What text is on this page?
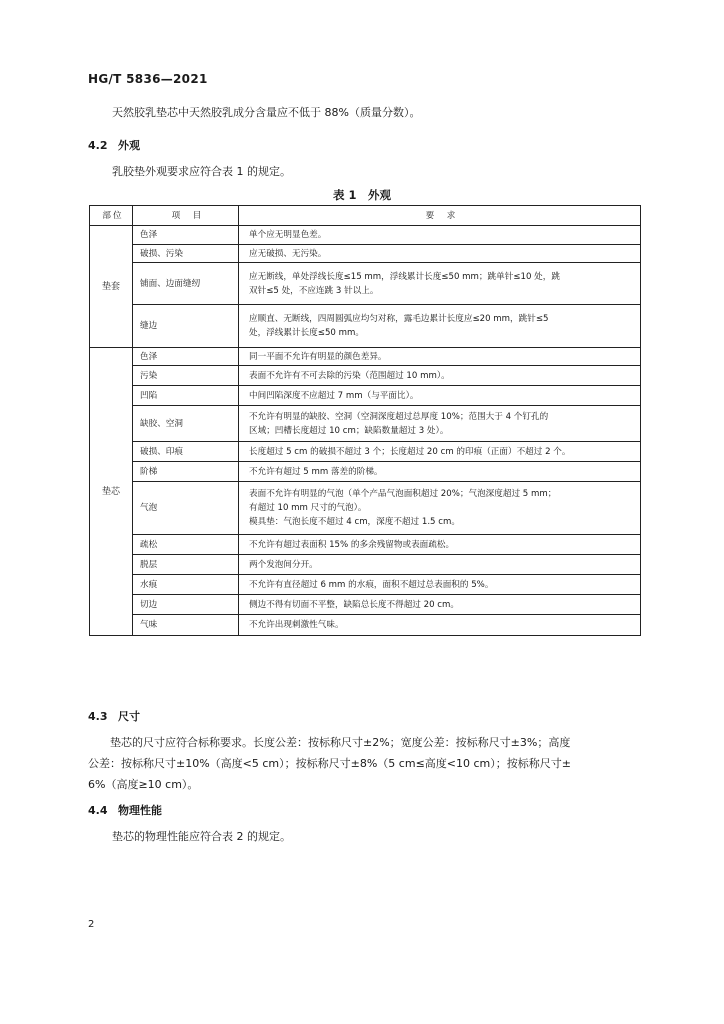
HG/T 5836—2021
天然胶乳垫芯中天然胶乳成分含量应不低于 88%（质量分数）。
4.2 外观
乳胶垫外观要求应符合表 1 的规定。
表 1　外观
部位	项　目	要　求
垫套	色泽	单个应无明显色差。

	破损、污染	应无破损、无污染。

	铺面、边面缝纫	应无断线，单处浮线长度≤15 mm，浮线累计长度≤50 mm；跳单针≤10 处，跳
双针≤5 处，不应连跳 3 针以上。

	缝边	应顺直、无断线，四周圆弧应均匀对称，露毛边累计长度应≤20 mm，跳针≤5
处，浮线累计长度≤50 mm。

垫芯	色泽	同一平面不允许有明显的颜色差异。

	污染	表面不允许有不可去除的污染（范围超过 10 mm）。

	凹陷	中间凹陷深度不应超过 7 mm（与平面比）。

	缺胶、空洞	不允许有明显的缺胶、空洞（空洞深度超过总厚度 10%；范围大于 4 个钉孔的
区域；凹槽长度超过 10 cm；缺陷数量超过 3 处）。

	破损、印痕	长度超过 5 cm 的破损不超过 3 个；长度超过 20 cm 的印痕（正面）不超过 2 个。

	阶梯	不允许有超过 5 mm 落差的阶梯。

	气泡	表面不允许有明显的气泡（单个产品气泡面积超过 20%；气泡深度超过 5 mm；
有超过 10 mm 尺寸的气泡）。
模具垫：气泡长度不超过 4 cm，深度不超过 1.5 cm。

	疏松	不允许有超过表面积 15% 的多余残留物或表面疏松。

	脱层	两个发泡间分开。

	水痕	不允许有直径超过 6 mm 的水痕，面积不超过总表面积的 5%。

	切边	侧边不得有切面不平整，缺陷总长度不得超过 20 cm。

	气味	不允许出现刺激性气味。
4.3 尺寸
　　垫芯的尺寸应符合标称要求。长度公差：按标称尺寸±2%；宽度公差：按标称尺寸±3%；高度
公差：按标称尺寸±10%（高度<5 cm）；按标称尺寸±8%（5 cm≤高度<10 cm）；按标称尺寸±
6%（高度≥10 cm）。
4.4 物理性能
垫芯的物理性能应符合表 2 的规定。
2
